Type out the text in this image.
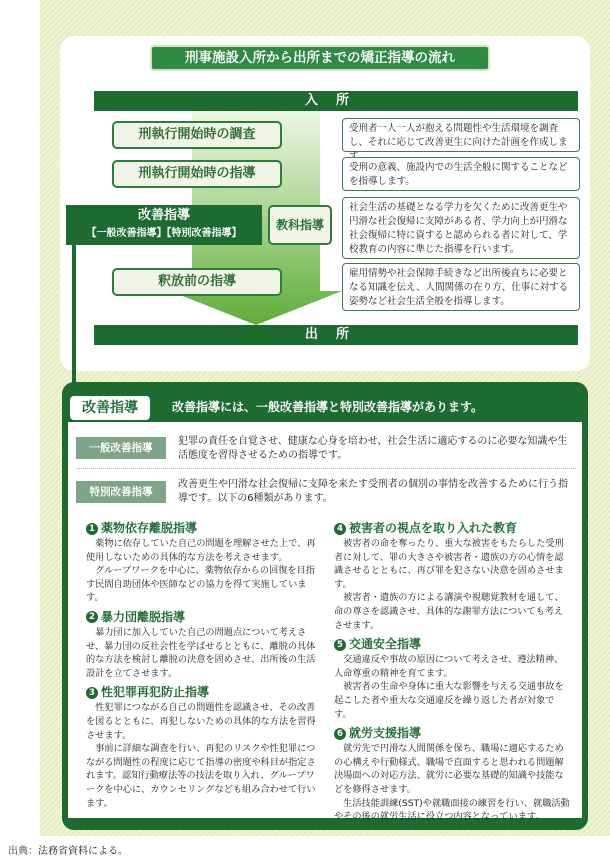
刑事施設入所から出所までの矯正指導の流れ
入所
刑執行開始時の調査	受刑者一人一人が抱える問題性や生活環境を調査し、それに応じて改善更生に向けた計画を作成しま
刑執行開始時の指導	受刑の意義、施設内での生活全般に関することなどを指導します。
改善指導
【一般改善指導】【特別改善指導】
教科指導
社会生活の基礎となる学力を欠くために改善更生や円滑な社会復帰に支障がある者、学力向上が円滑な社会復帰に特に資すると認められる者に対して、学校教育の内容に準じた指導を行います。
釈放前の指導
雇用情勢や社会保障手続きなど出所後直ちに必要となる知識を伝え、人間関係の在り方、仕事に対する姿勢など社会生活全般を指導します。
出所
改善指導	改善指導には、一般改善指導と特別改善指導があります。
一般改善指導
犯罪の責任を自覚させ、健康な心身を培わせ、社会生活に適応するのに必要な知識や生活態度を習得させるための指導です。
特別改善指導
改善更生や円滑な社会復帰に支障を来たす受刑者の個別の事情を改善するために行う指導です。以下の6種類があります。
1 薬物依存離脱指導
　薬物に依存していた自己の問題を理解させた上で、再使用しないための具体的な方法を考えさせます。
　グループワークを中心に、薬物依存からの回復を目指す民間自助団体や医師などの協力を得て実施しています。
2 暴力団離脱指導
　暴力団に加入していた自己の問題点について考えさせ、暴力団の反社会性を学ばせるとともに、離脱の具体的な方法を検討し離脱の決意を固めさせ、出所後の生活設計を立てさせます。
3 性犯罪再犯防止指導
　性犯罪につながる自己の問題性を認識させ、その改善を図るとともに、再犯しないための具体的な方法を習得させます。
　事前に詳細な調査を行い、再犯のリスクや性犯罪につながる問題性の程度に応じて指導の密度や科目が指定されます。認知行動療法等の技法を取り入れ、グループワークを中心に、カウンセリングなども組み合わせて行います。
4 被害者の視点を取り入れた教育
　被害者の命を奪ったり、重大な被害をもたらした受刑者に対して、罪の大きさや被害者・遺族の方の心情を認識させるとともに、再び罪を犯さない決意を固めさせます。
　被害者・遺族の方による講演や視聴覚教材を通して、命の尊さを認識させ、具体的な謝罪方法についても考えさせます。
5 交通安全指導
　交通違反や事故の原因について考えさせ、遵法精神、人命尊重の精神を育てます。
　被害者の生命や身体に重大な影響を与える交通事故を起こした者や重大な交通違反を繰り返した者が対象です。
6 就労支援指導
　就労先で円滑な人間関係を保ち、職場に適応するための心構えや行動様式、職場で直面すると思われる問題解決場面への対応方法、就労に必要な基礎的知識や技能などを修得させます。
　生活技能訓練(SST)や就職面接の練習を行い、就職活動やその後の就労生活に役立つ内容となっています。
出典：法務省資料による。
